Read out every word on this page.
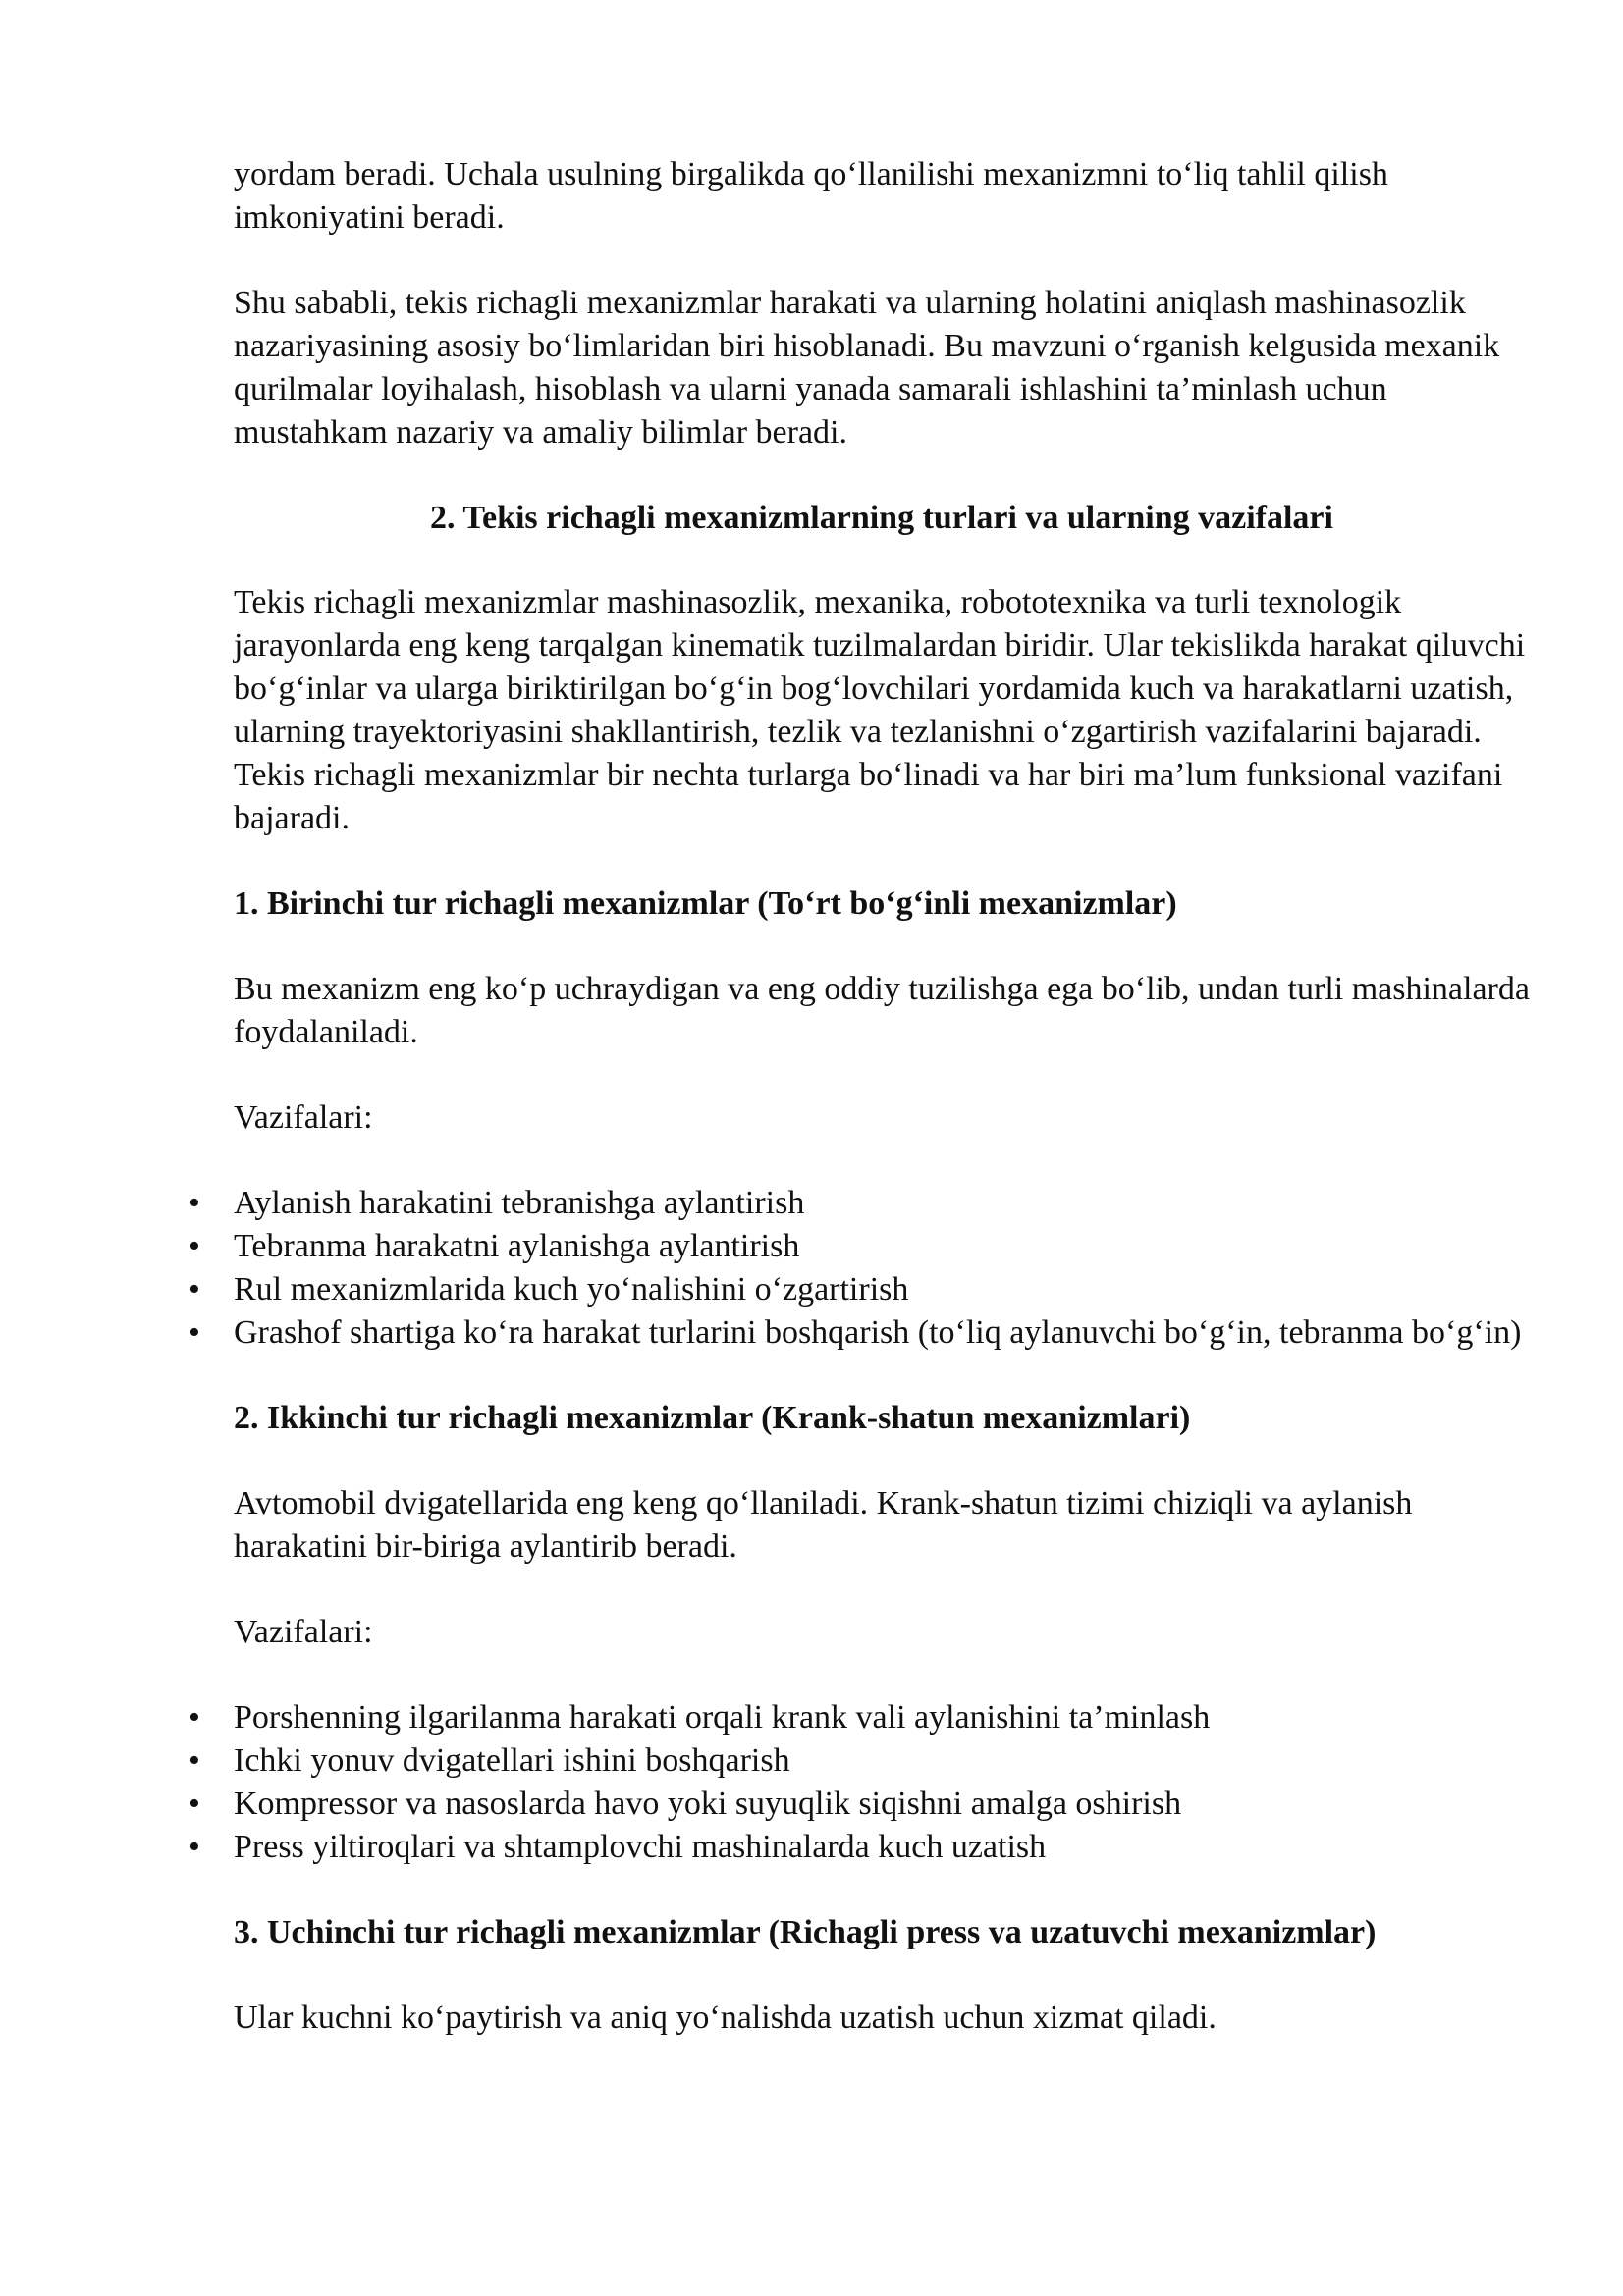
yordam beradi. Uchala usulning birgalikda qo‘llanilishi mexanizmni to‘liq tahlil qilish imkoniyatini beradi.

Shu sababli, tekis richagli mexanizmlar harakati va ularning holatini aniqlash mashinasozlik nazariyasining asosiy bo‘limlaridan biri hisoblanadi. Bu mavzuni o‘rganish kelgusida mexanik qurilmalar loyihalash, hisoblash va ularni yanada samarali ishlashini ta’minlash uchun mustahkam nazariy va amaliy bilimlar beradi.

2. Tekis richagli mexanizmlarning turlari va ularning vazifalari

Tekis richagli mexanizmlar mashinasozlik, mexanika, robototexnika va turli texnologik jarayonlarda eng keng tarqalgan kinematik tuzilmalardan biridir. Ular tekislikda harakat qiluvchi bo‘g‘inlar va ularga biriktirilgan bo‘g‘in bog‘lovchilari yordamida kuch va harakatlarni uzatish, ularning trayektoriyasini shakllantirish, tezlik va tezlanishni o‘zgartirish vazifalarini bajaradi. Tekis richagli mexanizmlar bir nechta turlarga bo‘linadi va har biri ma’lum funksional vazifani bajaradi.

1. Birinchi tur richagli mexanizmlar (To‘rt bo‘g‘inli mexanizmlar)

Bu mexanizm eng ko‘p uchraydigan va eng oddiy tuzilishga ega bo‘lib, undan turli mashinalarda foydalaniladi.

Vazifalari:

• Aylanish harakatini tebranishga aylantirish
• Tebranma harakatni aylanishga aylantirish
• Rul mexanizmlarida kuch yo‘nalishini o‘zgartirish
• Grashof shartiga ko‘ra harakat turlarini boshqarish (to‘liq aylanuvchi bo‘g‘in, tebranma bo‘g‘in)

2. Ikkinchi tur richagli mexanizmlar (Krank-shatun mexanizmlari)

Avtomobil dvigatellarida eng keng qo‘llaniladi. Krank-shatun tizimi chiziqli va aylanish harakatini bir-biriga aylantirib beradi.

Vazifalari:

• Porshenning ilgarilanma harakati orqali krank vali aylanishini ta’minlash
• Ichki yonuv dvigatellari ishini boshqarish
• Kompressor va nasoslarda havo yoki suyuqlik siqishni amalga oshirish
• Press yiltiroqlari va shtamplovchi mashinalarda kuch uzatish

3. Uchinchi tur richagli mexanizmlar (Richagli press va uzatuvchi mexanizmlar)

Ular kuchni ko‘paytirish va aniq yo‘nalishda uzatish uchun xizmat qiladi.
